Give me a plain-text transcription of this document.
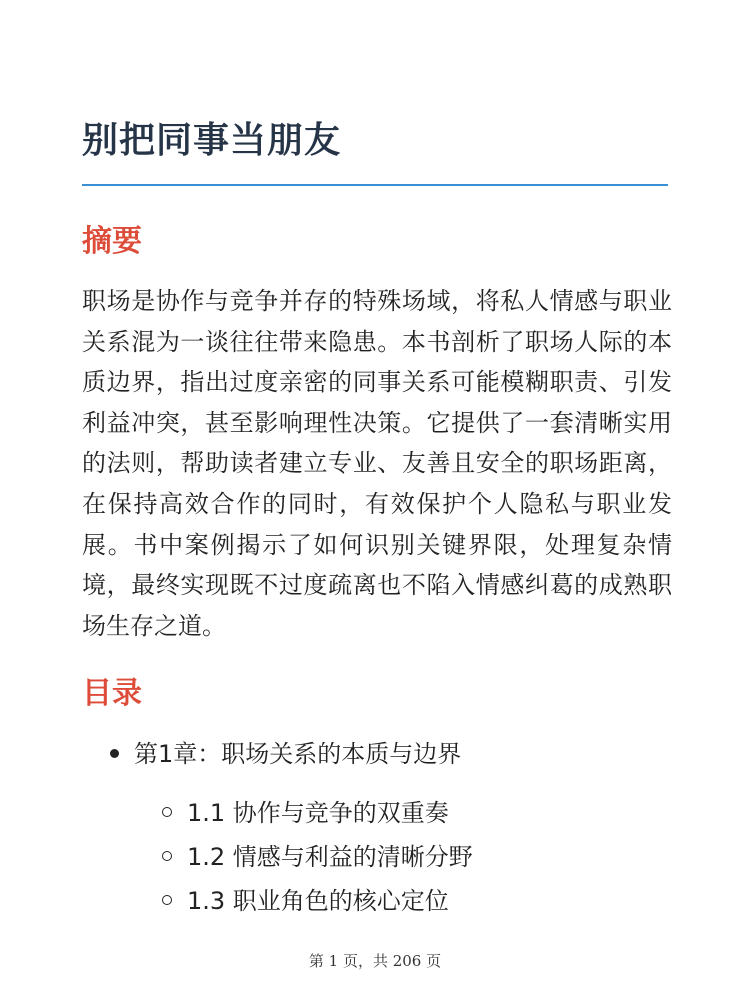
别把同事当朋友
摘要

职场是协作与竞争并存的特殊场域，将私人情感与职业关系混为一谈往往带来隐患。本书剖析了职场人际的本质边界，指出过度亲密的同事关系可能模糊职责、引发利益冲突，甚至影响理性决策。它提供了一套清晰实用的法则，帮助读者建立专业、友善且安全的职场距离，在保持高效合作的同时，有效保护个人隐私与职业发展。书中案例揭示了如何识别关键界限，处理复杂情境，最终实现既不过度疏离也不陷入情感纠葛的成熟职场生存之道。

目录
第1章：职场关系的本质与边界
1.1 协作与竞争的双重奏
1.2 情感与利益的清晰分野
1.3 职业角色的核心定位
第 1 页，共 206 页
